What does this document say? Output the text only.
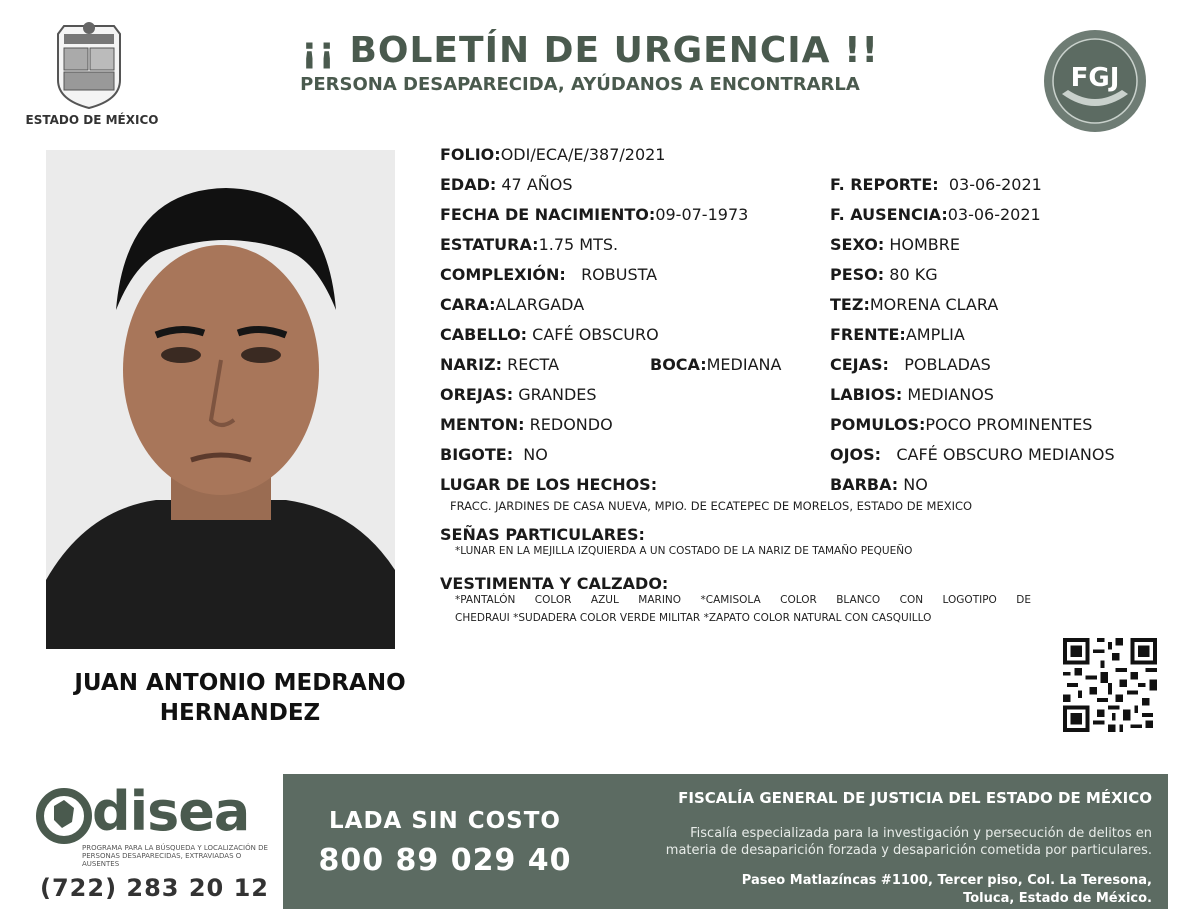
ESTADO DE MÉXICO
¡¡ BOLETÍN DE URGENCIA !!
PERSONA DESAPARECIDA, AYÚDANOS A ENCONTRARLA	FGJ
JUAN ANTONIO MEDRANO
HERNANDEZ
FOLIO:ODI/ECA/E/387/2021
EDAD: 47 AÑOS
FECHA DE NACIMIENTO:09-07-1973
ESTATURA:1.75 MTS.
COMPLEXIÓN: ROBUSTA
CARA:ALARGADA
CABELLO: CAFÉ OBSCURO
NARIZ: RECTA	BOCA:MEDIANA
OREJAS: GRANDES
MENTON: REDONDO
BIGOTE: NO
F. REPORTE: 03-06-2021
F. AUSENCIA:03-06-2021
SEXO: HOMBRE
PESO: 80 KG
TEZ:MORENA CLARA
FRENTE:AMPLIA
CEJAS: POBLADAS
LABIOS: MEDIANOS
POMULOS:POCO PROMINENTES
OJOS: CAFÉ OBSCURO MEDIANOS
BARBA: NO
LUGAR DE LOS HECHOS:
FRACC. JARDINES DE CASA NUEVA, MPIO. DE ECATEPEC DE MORELOS, ESTADO DE MEXICO
SEÑAS PARTICULARES:
*LUNAR EN LA MEJILLA IZQUIERDA A UN COSTADO DE LA NARIZ DE TAMAÑO PEQUEÑO
VESTIMENTA Y CALZADO:
*PANTALÓN COLOR AZUL MARINO *CAMISOLA COLOR BLANCO CON LOGOTIPO DE
CHEDRAUI *SUDADERA COLOR VERDE MILITAR *ZAPATO COLOR NATURAL CON CASQUILLO
disea
PROGRAMA PARA LA BÚSQUEDA Y LOCALIZACIÓN DE PERSONAS DESAPARECIDAS, EXTRAVIADAS O AUSENTES
(722) 283 20 12
LADA SIN COSTO
800 89 029 40
FISCALÍA GENERAL DE JUSTICIA DEL ESTADO DE MÉXICO
Fiscalía especializada para la investigación y persecución de delitos en
materia de desaparición forzada y desaparición cometida por particulares.
Paseo Matlazíncas #1100, Tercer piso, Col. La Teresona,
Toluca, Estado de México.
